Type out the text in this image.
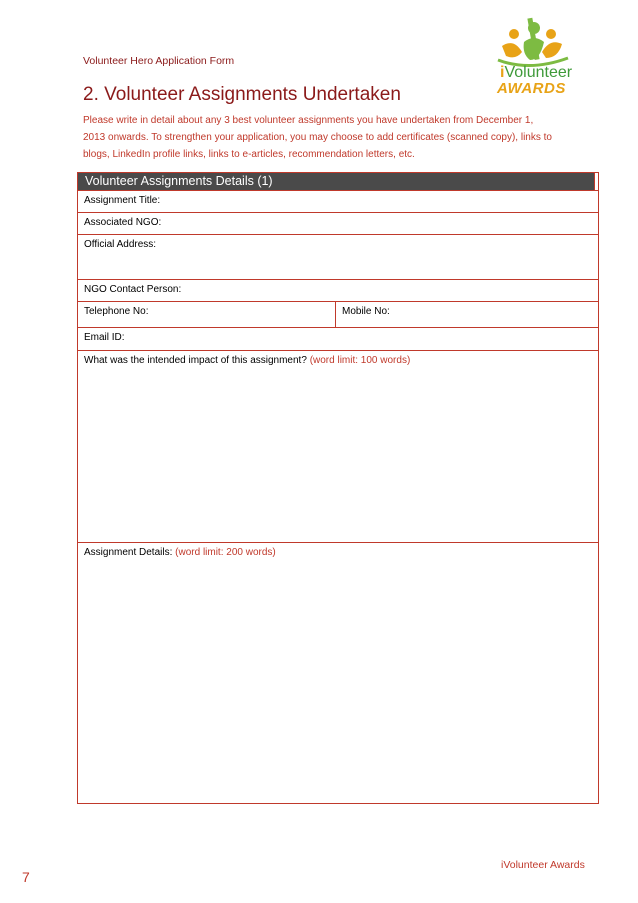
Volunteer Hero Application Form
iVolunteer
AWARDS
2. Volunteer Assignments Undertaken
Please write in detail about any 3 best volunteer assignments you have undertaken from December 1, 2013 onwards. To strengthen your application, you may choose to add certificates (scanned copy), links to blogs, LinkedIn profile links, links to e-articles, recommendation letters, etc.
Volunteer Assignments Details (1)
Assignment Title:
Associated NGO:
Official Address:
NGO Contact Person:
Telephone No:	Mobile No:
Email ID:
What was the intended impact of this assignment? (word limit: 100 words)
Assignment Details: (word limit: 200 words)
iVolunteer Awards
7
